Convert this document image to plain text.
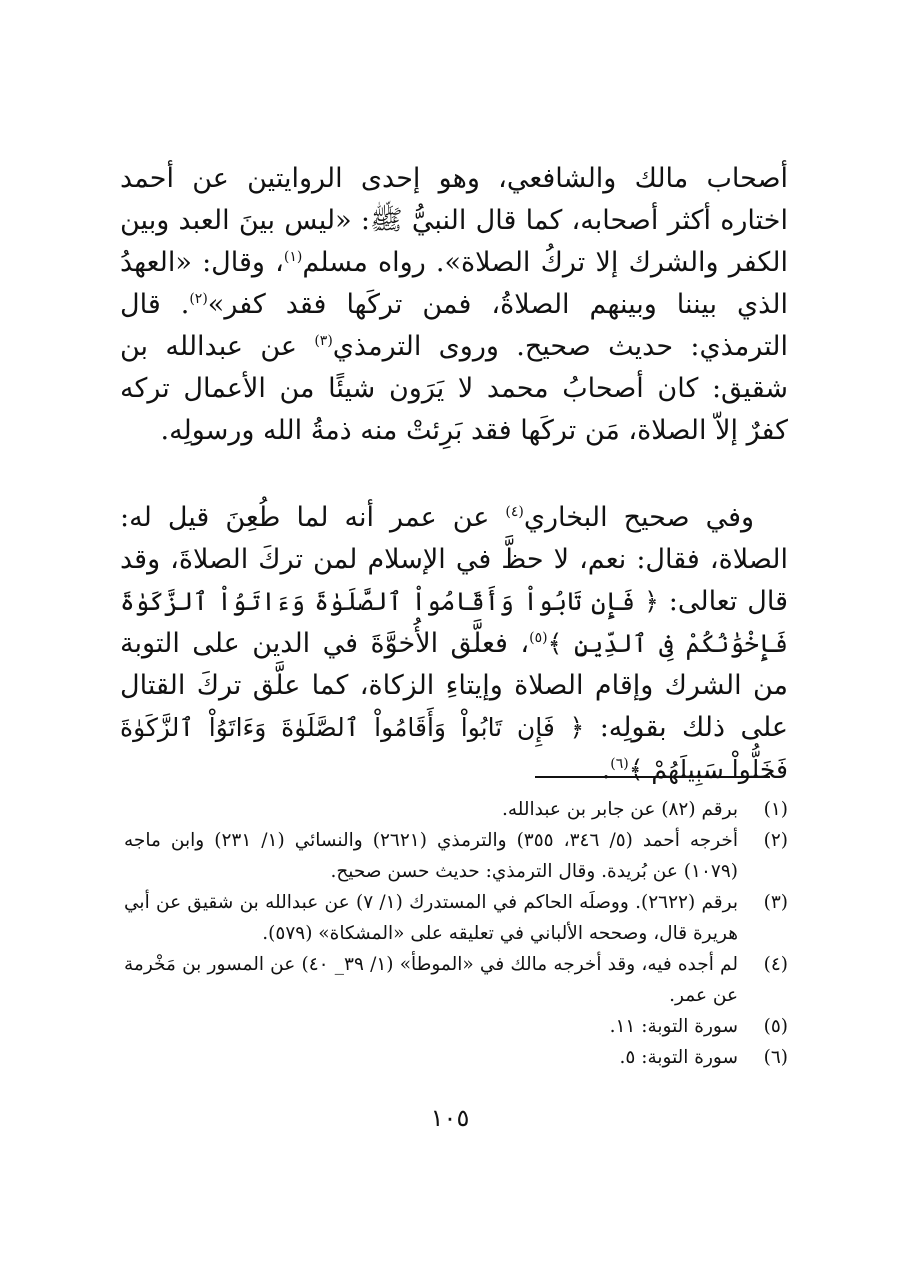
أصحاب مالك والشافعي، وهو إحدى الروايتين عن أحمد اختاره أكثر أصحابه، كما قال النبيُّ ﷺ: «ليس بينَ العبد وبين الكفر والشرك إلا تركُ الصلاة». رواه مسلم$^{(١)}$، وقال: «العهدُ الذي بيننا وبينهم الصلاةُ، فمن تركَها فقد كفر»$^{(٢)}$. قال الترمذي: حديث صحيح. وروى الترمذي$^{(٣)}$ عن عبدالله بن شقيق: كان أصحابُ محمد لا يَرَون شيئًا من الأعمال تركه كفرٌ إلاّ الصلاة، مَن تركَها فقد بَرِئتْ منه ذمةُ الله ورسولِه.

وفي صحيح البخاري$^{(٤)}$ عن عمر أنه لما طُعِنَ قيل له: الصلاة، فقال: نعم، لا حظَّ في الإسلام لمن تركَ الصلاةَ، وقد قال تعالى: ﴿ فَإِن تَابُواْ وَأَقَامُواْ ٱلصَّلَوٰةَ وَءَاتَوُاْ ٱلزَّكَوٰةَ فَإِخْوَٰنُكُمْ فِى ٱلدِّينِ ﴾$^{(٥)}$، فعلَّق الأُخوَّةَ في الدين على التوبة من الشرك وإقام الصلاة وإيتاءِ الزكاة، كما علَّق تركَ القتال على ذلك بقولِه: ﴿ فَإِن تَابُواْ وَأَقَامُواْ ٱلصَّلَوٰةَ وَءَاتَوُاْ ٱلزَّكَوٰةَ فَخَلُّواْ سَبِيلَهُمْ ﴾$^{(٦)}$.

(١)
برقم (٨٢) عن جابر بن عبدالله.
(٢)
أخرجه أحمد (٥/ ٣٤٦، ٣٥٥) والترمذي (٢٦٢١) والنسائي (١/ ٢٣١) وابن ماجه (١٠٧٩) عن بُريدة. وقال الترمذي: حديث حسن صحيح.
(٣)
برقم (٢٦٢٢). ووصلَه الحاكم في المستدرك (١/ ٧) عن عبدالله بن شقيق عن أبي هريرة قال، وصححه الألباني في تعليقه على «المشكاة» (٥٧٩).
(٤)
لم أجده فيه، وقد أخرجه مالك في «الموطأ» (١/ ٣٩_ ٤٠) عن المسور بن مَخْرمة عن عمر.
(٥)
سورة التوبة: ١١.
(٦)
سورة التوبة: ٥.
١٠٥
